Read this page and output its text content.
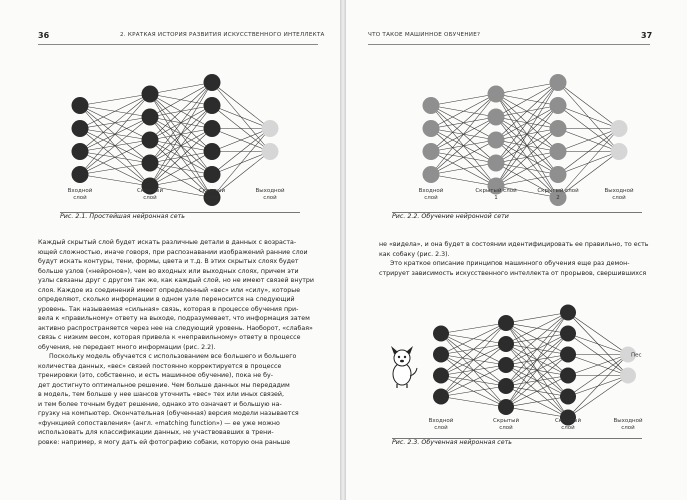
36	2. КРАТКАЯ ИСТОРИЯ РАЗВИТИЯ ИСКУССТВЕННОГО ИНТЕЛЛЕКТА
Входной слой
Скрытый слой
Скрытый слой
Выходной слой
Рис. 2.1. Простейшая нейронная сеть
Каждый скрытый слой будет искать различные детали в данных с возраста-
ющей сложностью, иначе говоря, при распознавании изображений ранние слои
будут искать контуры, тени, формы, цвета и т.д. В этих скрытых слоях будет
больше узлов («нейронов»), чем во входных или выходных слоях, причем эти
узлы связаны друг с другом так же, как каждый слой, но не имеют связей внутри
слоя. Каждое из соединений имеет определенный «вес» или «силу», которые
определяют, сколько информации в одном узле переносится на следующий
уровень. Так называемая «сильная» связь, которая в процессе обучения при-
вела к «правильному» ответу на выходе, подразумевает, что информация затем
активно распространяется через нее на следующий уровень. Наоборот, «слабая»
связь с низким весом, которая привела к «неправильному» ответу в процессе
обучения, не передает много информации (рис. 2.2).
Поскольку модель обучается с использованием все большего и большего
количества данных, «вес» связей постоянно корректируется в процессе
тренировки (это, собственно, и есть машинное обучение), пока не бу-
дет достигнуто оптимальное решение. Чем больше данных мы передадим
в модель, тем больше у нее шансов уточнить «вес» тех или иных связей,
и тем более точным будет решение, однако это означает и большую на-
грузку на компьютер. Окончательная (обученная) версия модели называется
«функцией сопоставления» (англ. «matching function») — ее уже можно
использовать для классификации данных, не участвовавших в трени-
ровке: например, я могу дать ей фотографию собаки, которую она раньше
ЧТО ТАКОЕ МАШИННОЕ ОБУЧЕНИЕ?	37
Входной слой
Скрытый слой 1
Скрытый слой 2
Выходной слой
Рис. 2.2. Обучение нейронной сети
не «видела», и она будет в состоянии идентифицировать ее правильно, то есть
как собаку (рис. 2.3).
Это краткое описание принципов машинного обучения еще раз демон-
стрирует зависимость искусственного интеллекта от прорывов, свершившихся
Входной слой
Скрытый слой
Скрытый слой
Выходной слой
Пес
Рис. 2.3. Обученная нейронная сеть
